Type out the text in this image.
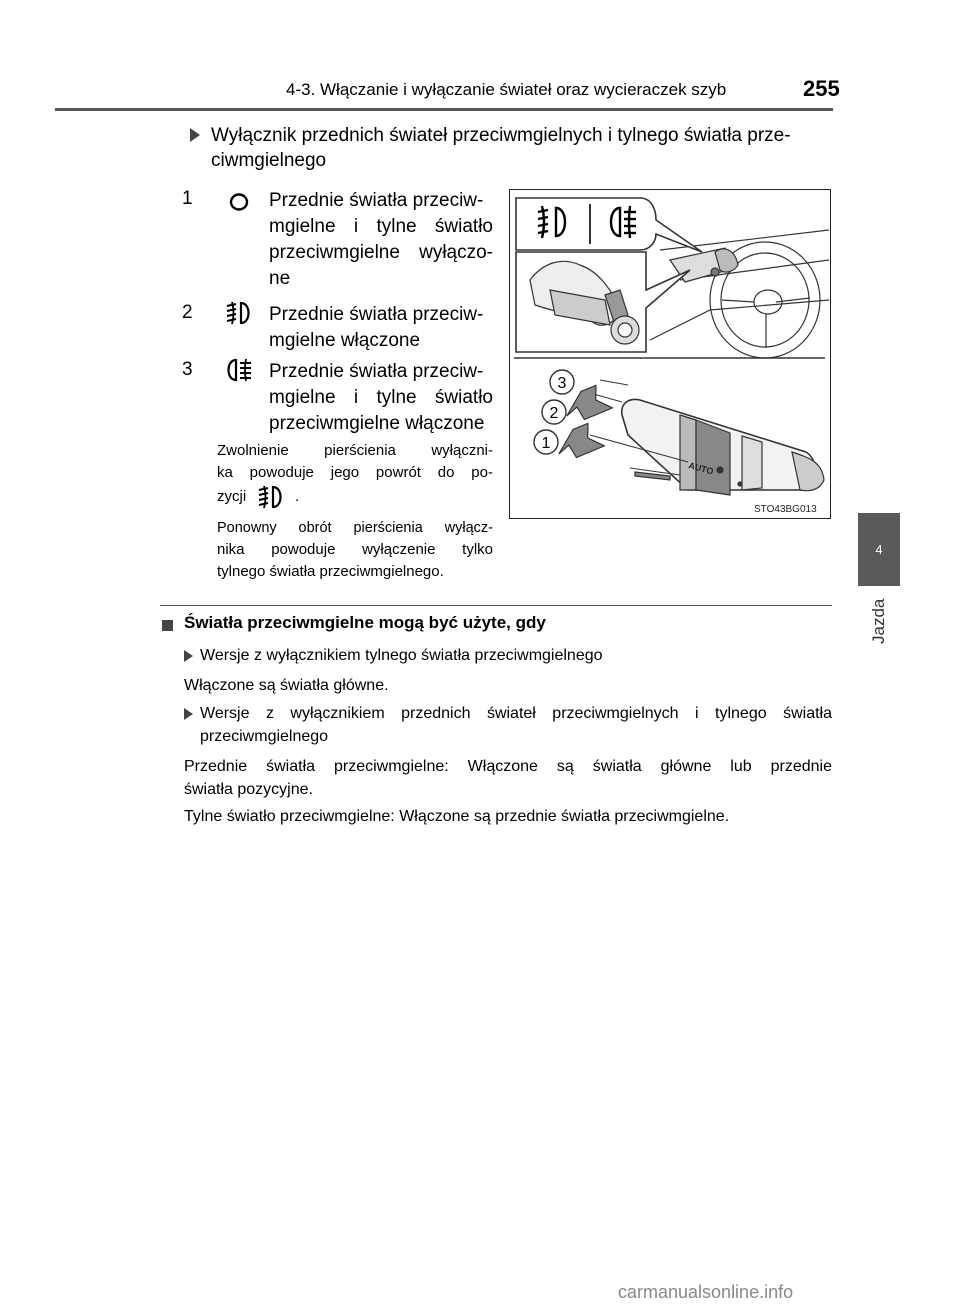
4-3. Włączanie i wyłączanie świateł oraz wycieraczek szyb	255
4
Jazda
Wyłącznik przednich świateł przeciwmgielnych i tylnego światła prze-
ciwmgielnego
1	Przednie światła przeciw-
mgielne i tylne światło
przeciwmgielne wyłączo-
ne
2	Przednie światła przeciw-
mgielne włączone
3	Przednie światła przeciw-
mgielne i tylne światło
przeciwmgielne włączone
Zwolnienie pierścienia wyłączni-
ka powoduje jego powrót do po-
zycji	.
Ponowny obrót pierścienia wyłącz-
nika powoduje wyłączenie tylko
tylnego światła przeciwmgielnego.
3
2
1
AUTO
STO43BG013
Światła przeciwmgielne mogą być użyte, gdy
Wersje z wyłącznikiem tylnego światła przeciwmgielnego
Włączone są światła główne.
Wersje z wyłącznikiem przednich świateł przeciwmgielnych i tylnego światła
przeciwmgielnego
Przednie światła przeciwmgielne: Włączone są światła główne lub przednie
światła pozycyjne.
Tylne światło przeciwmgielne: Włączone są przednie światła przeciwmgielne.
carmanualsonline.info
